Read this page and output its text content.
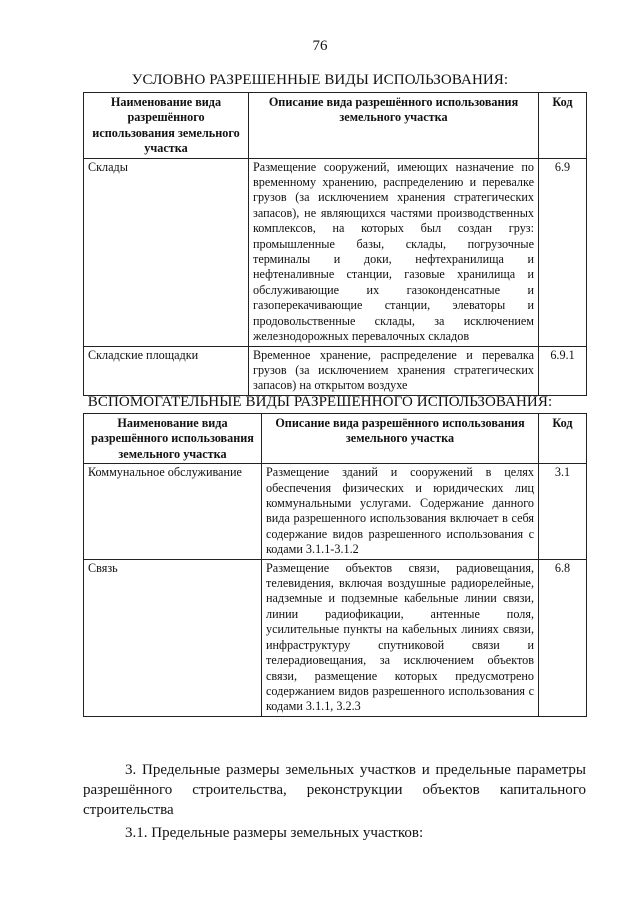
76
УСЛОВНО РАЗРЕШЕННЫЕ ВИДЫ ИСПОЛЬЗОВАНИЯ:
Наименование вида разрешённого использования земельного участка	Описание вида разрешённого использования земельного участка	Код
Склады	Размещение сооружений, имеющих назначение по временному хранению, распределению и перевалке грузов (за исключением хранения стратегических запасов), не являющихся частями производственных комплексов, на которых был создан груз: промышленные базы, склады, погрузочные терминалы и доки, нефтехранилища и нефтеналивные станции, газовые хранилища и обслуживающие их газоконденсатные и газоперекачивающие станции, элеваторы и продовольственные склады, за исключением железнодорожных перевалочных складов	6.9
Складские площадки	Временное хранение, распределение и перевалка грузов (за исключением хранения стратегических запасов) на открытом воздухе	6.9.1
ВСПОМОГАТЕЛЬНЫЕ ВИДЫ РАЗРЕШЕННОГО ИСПОЛЬЗОВАНИЯ:
Наименование вида разрешённого использования земельного участка	Описание вида разрешённого использования земельного участка	Код
Коммунальное обслуживание	Размещение зданий и сооружений в целях обеспечения физических и юридических лиц коммунальными услугами. Содержание данного вида разрешенного использования включает в себя содержание видов разрешенного использования с кодами 3.1.1-3.1.2	3.1
Связь	Размещение объектов связи, радиовещания, телевидения, включая воздушные радиорелейные, надземные и подземные кабельные линии связи, линии радиофикации, антенные поля, усилительные пункты на кабельных линиях связи, инфраструктуру спутниковой связи и телерадиовещания, за исключением объектов связи, размещение которых предусмотрено содержанием видов разрешенного использования с кодами 3.1.1, 3.2.3	6.8
3. Предельные размеры земельных участков и предельные параметры разрешённого строительства, реконструкции объектов капитального строительства
3.1. Предельные размеры земельных участков:
